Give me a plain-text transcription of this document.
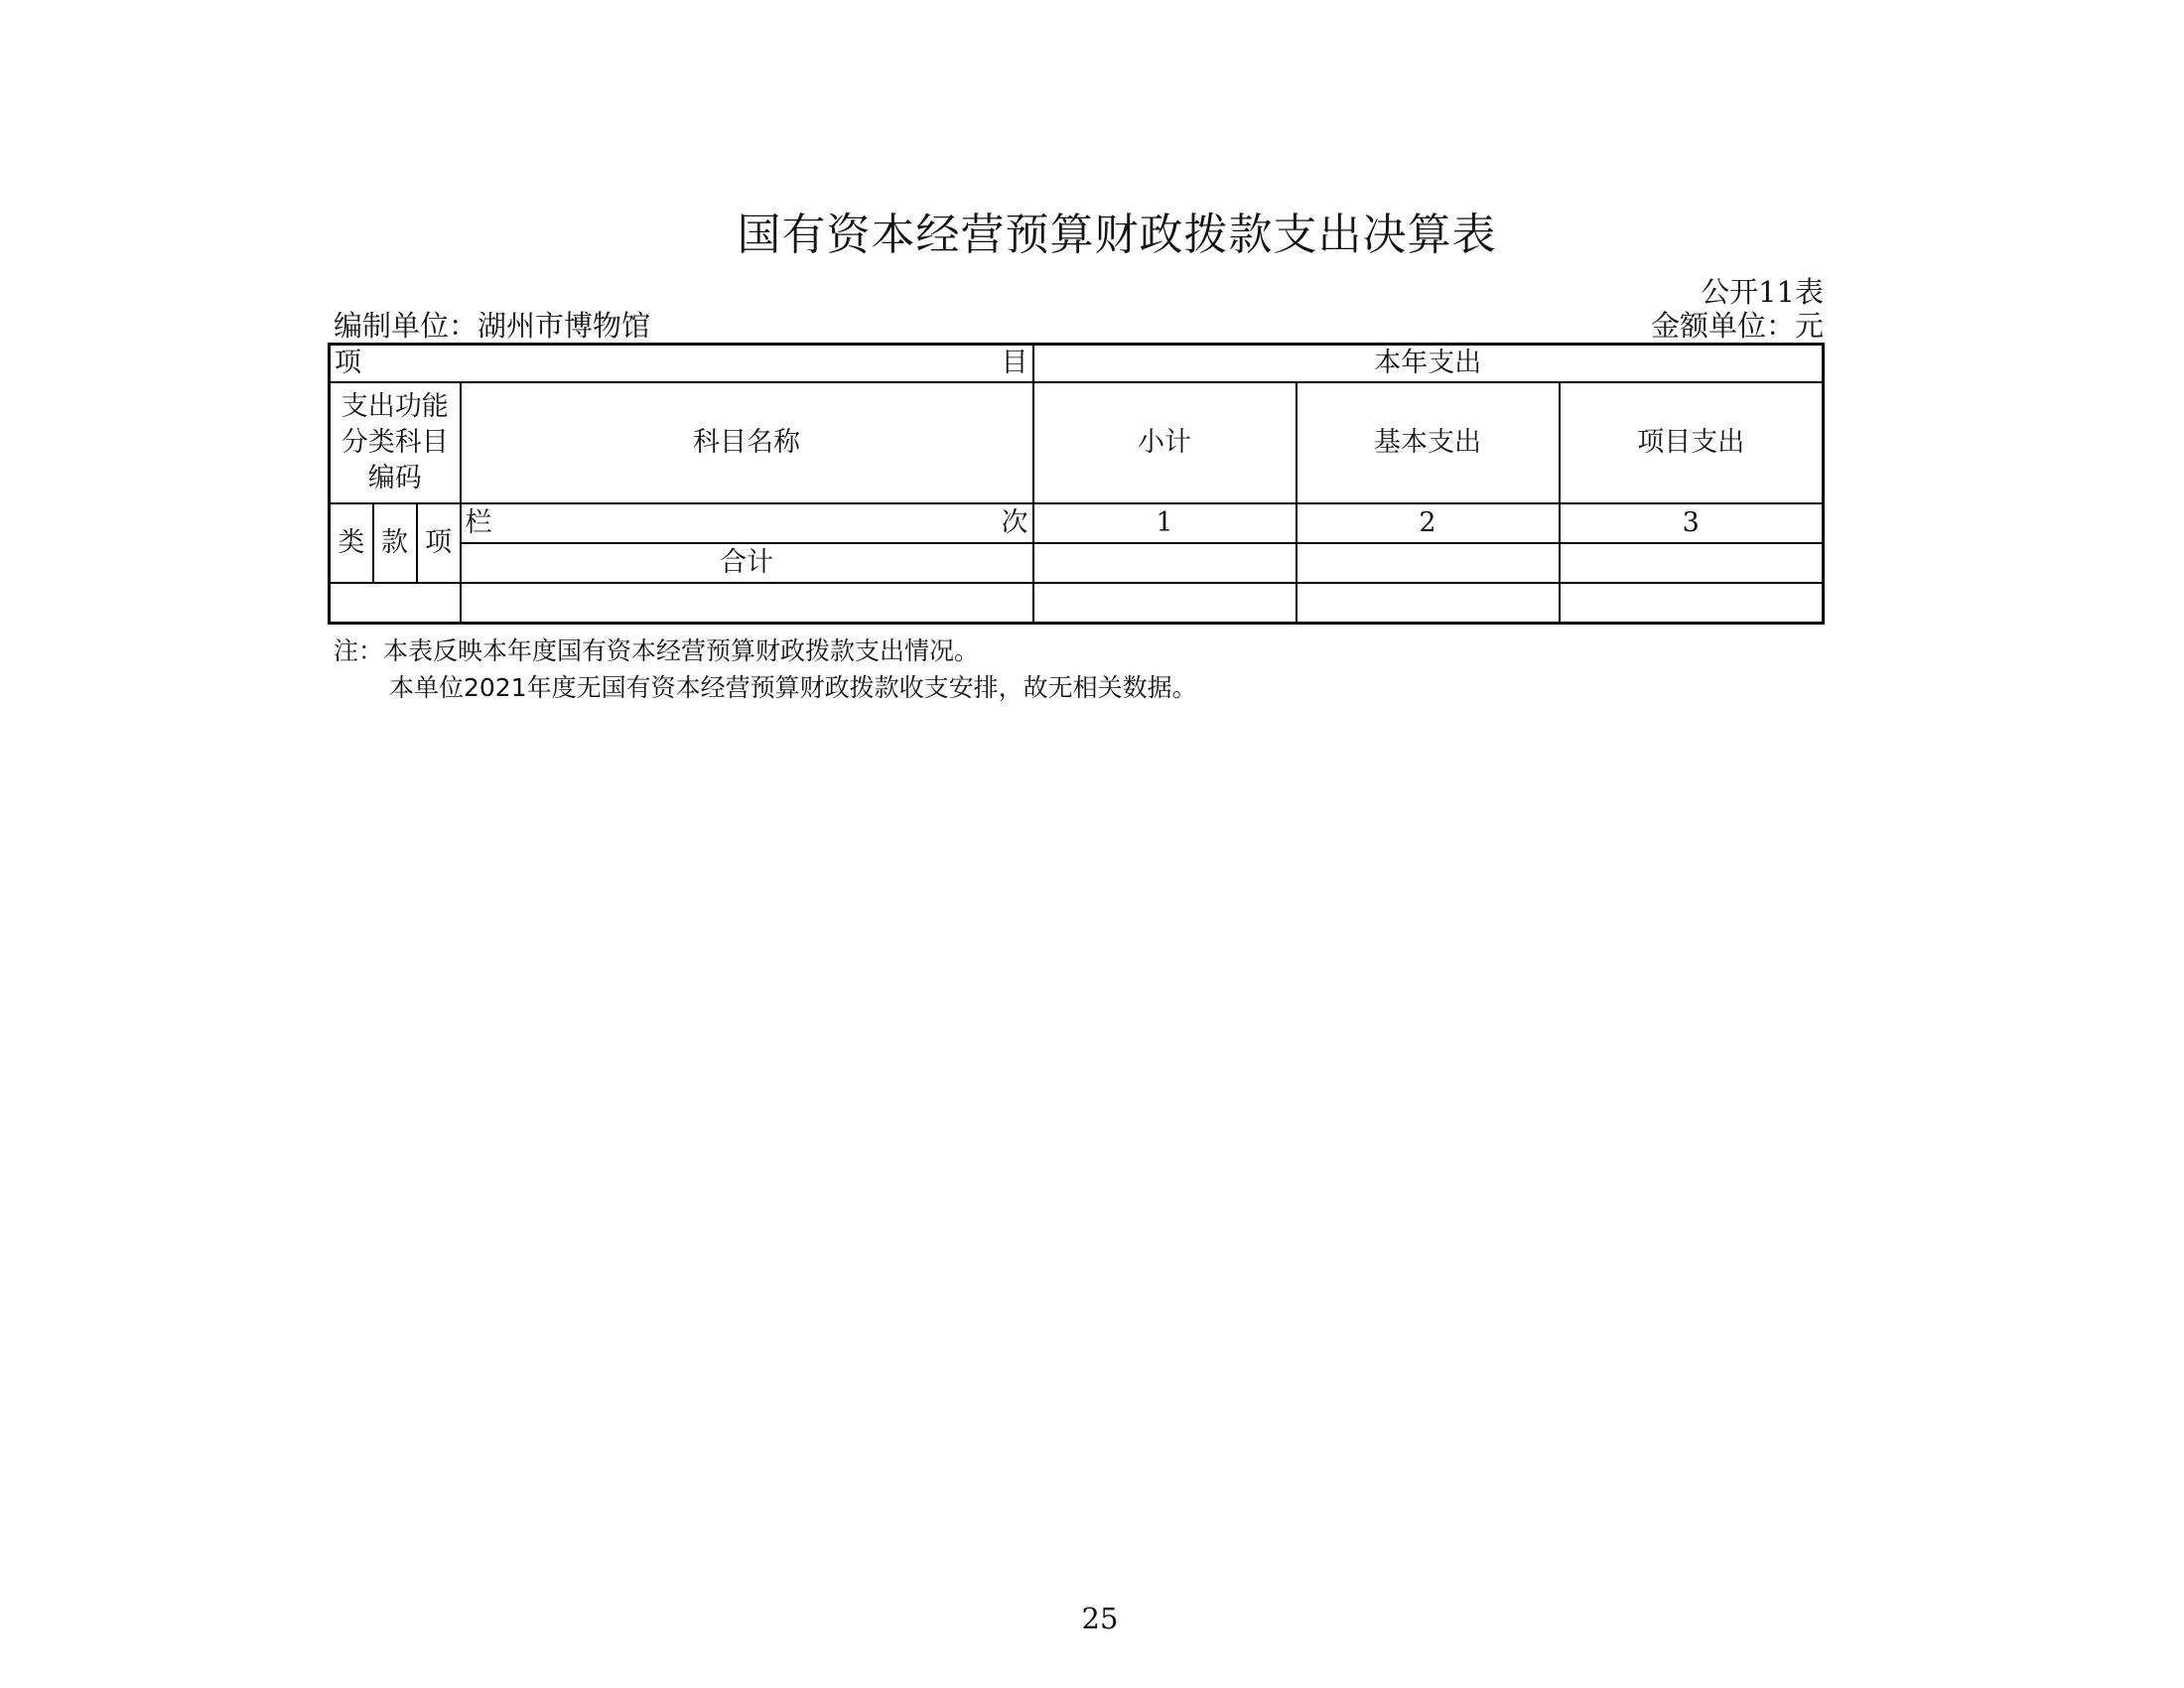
国有资本经营预算财政拨款支出决算表
公开11表
编制单位：湖州市博物馆	金额单位：元
项 目				本年支出		
支出功能分类科目编码			科目名称	小计	基本支出	项目支出
类	款	项	栏 次	1	2	3
			合计			

注：本表反映本年度国有资本经营预算财政拨款支出情况。
本单位2021年度无国有资本经营预算财政拨款收支安排，故无相关数据。
25
